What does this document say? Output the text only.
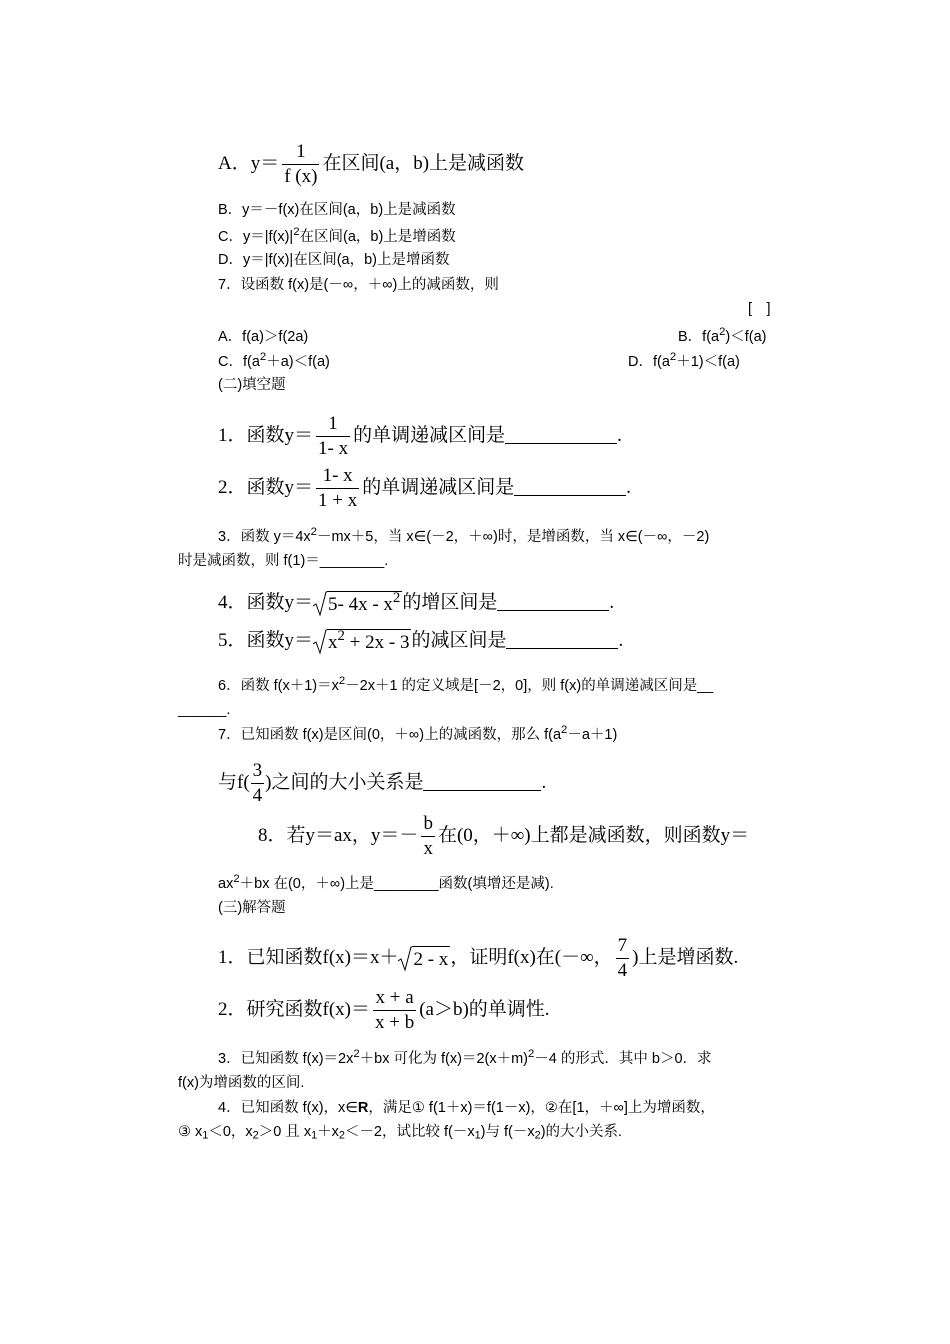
A．$y= \frac{1}{f (x)}$ 在区间(a，b)上是减函数
B．y＝－f(x)在区间(a，b)上是减函数
C．$y=|f(x)|^2$在区间(a，b)上是增函数
D．y＝|f(x)|在区间(a，b)上是增函数
7．设函数 f(x)是(－∞，＋∞)上的减函数，则
[　]
A．f(a)＞f(2a)	B．$f(a^2)<f(a)$
C．$f(a^2+a)<f(a)$	D．$f(a^2+1)<f(a)$
(二)填空题
1．函数$y= \frac{1}{1- x}$ 的单调递减区间是	.
2．函数$y= \frac{1- x}{1 + x}$ 的单调递减区间是	.
3．函数 $y=4x^2-mx+5$，当 x∈(－2，＋∞)时，是增函数，当 x∈(－∞，－2)
时是减函数，则 f(1)＝________.
4．函数y＝ 5- $4x - x^2$ 的增区间是	.
5．函数$y= x^2 + 2x - 3$ 的减区间是	.
6．函数 $f(x+1)=x^2-2x+1$ 的定义域是[－2，0]，则 f(x)的单调递减区间是__
______.
7．已知函数 f(x)是区间(0，＋∞)上的减函数，那么 $f(a^2-a+1)$
与$f( \frac{3}{4}$ )之间的大小关系是	.
8．若y＝ax，$y=- \frac{b}{x}$ 在(0，＋∞)上都是减函数，则函数y＝
$ax^2+bx$ 在(0，＋∞)上是________函数(填增还是减).
(三)解答题
1．已知函数f(x)＝x＋ 2 - x ，证明f(x)在(－∞， $\frac{7}{4}$ )上是增函数.
2．研究函数$f(x)= \frac{x + a}{x + b} (a>b)$的单调性.
3．已知函数 $f(x)=2x^2+bx$ 可化为 $f(x)=2(x+m)^2-4$ 的形式．其中 b＞0．求
f(x)为增函数的区间.
4．已知函数 f(x)，x∈R，满足① f(1＋x)＝f(1－x)，②在[1，＋∞]上为增函数，
③ $x_1<0$，$x_2>0$ 且 $x_1+x_2<-2$，试比较 $f(-x_1)$与 $f(-x_2)$的大小关系.
